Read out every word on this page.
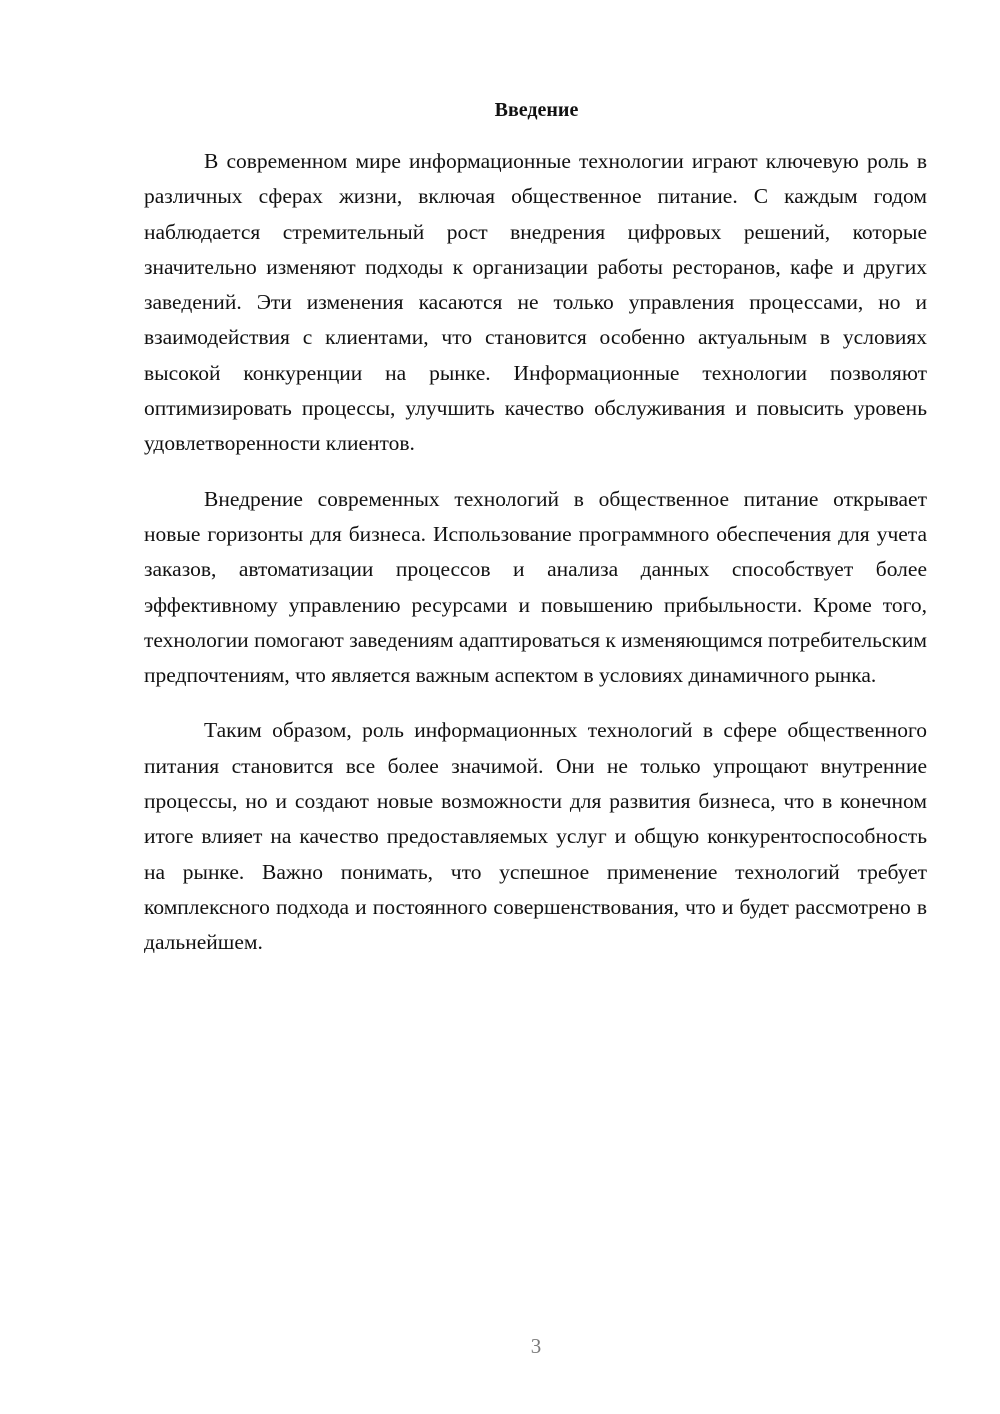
Введение

В современном мире информационные технологии играют ключевую роль в различных сферах жизни, включая общественное питание. С каждым годом наблюдается стремительный рост внедрения цифровых решений, которые значительно изменяют подходы к организации работы ресторанов, кафе и других заведений. Эти изменения касаются не только управления процессами, но и взаимодействия с клиентами, что становится особенно актуальным в условиях высокой конкуренции на рынке. Информационные технологии позволяют оптимизировать процессы, улучшить качество обслуживания и повысить уровень удовлетворенности клиентов.

Внедрение современных технологий в общественное питание открывает новые горизонты для бизнеса. Использование программного обеспечения для учета заказов, автоматизации процессов и анализа данных способствует более эффективному управлению ресурсами и повышению прибыльности. Кроме того, технологии помогают заведениям адаптироваться к изменяющимся потребительским предпочтениям, что является важным аспектом в условиях динамичного рынка.

Таким образом, роль информационных технологий в сфере общественного питания становится все более значимой. Они не только упрощают внутренние процессы, но и создают новые возможности для развития бизнеса, что в конечном итоге влияет на качество предоставляемых услуг и общую конкурентоспособность на рынке. Важно понимать, что успешное применение технологий требует комплексного подхода и постоянного совершенствования, что и будет рассмотрено в дальнейшем.

3
